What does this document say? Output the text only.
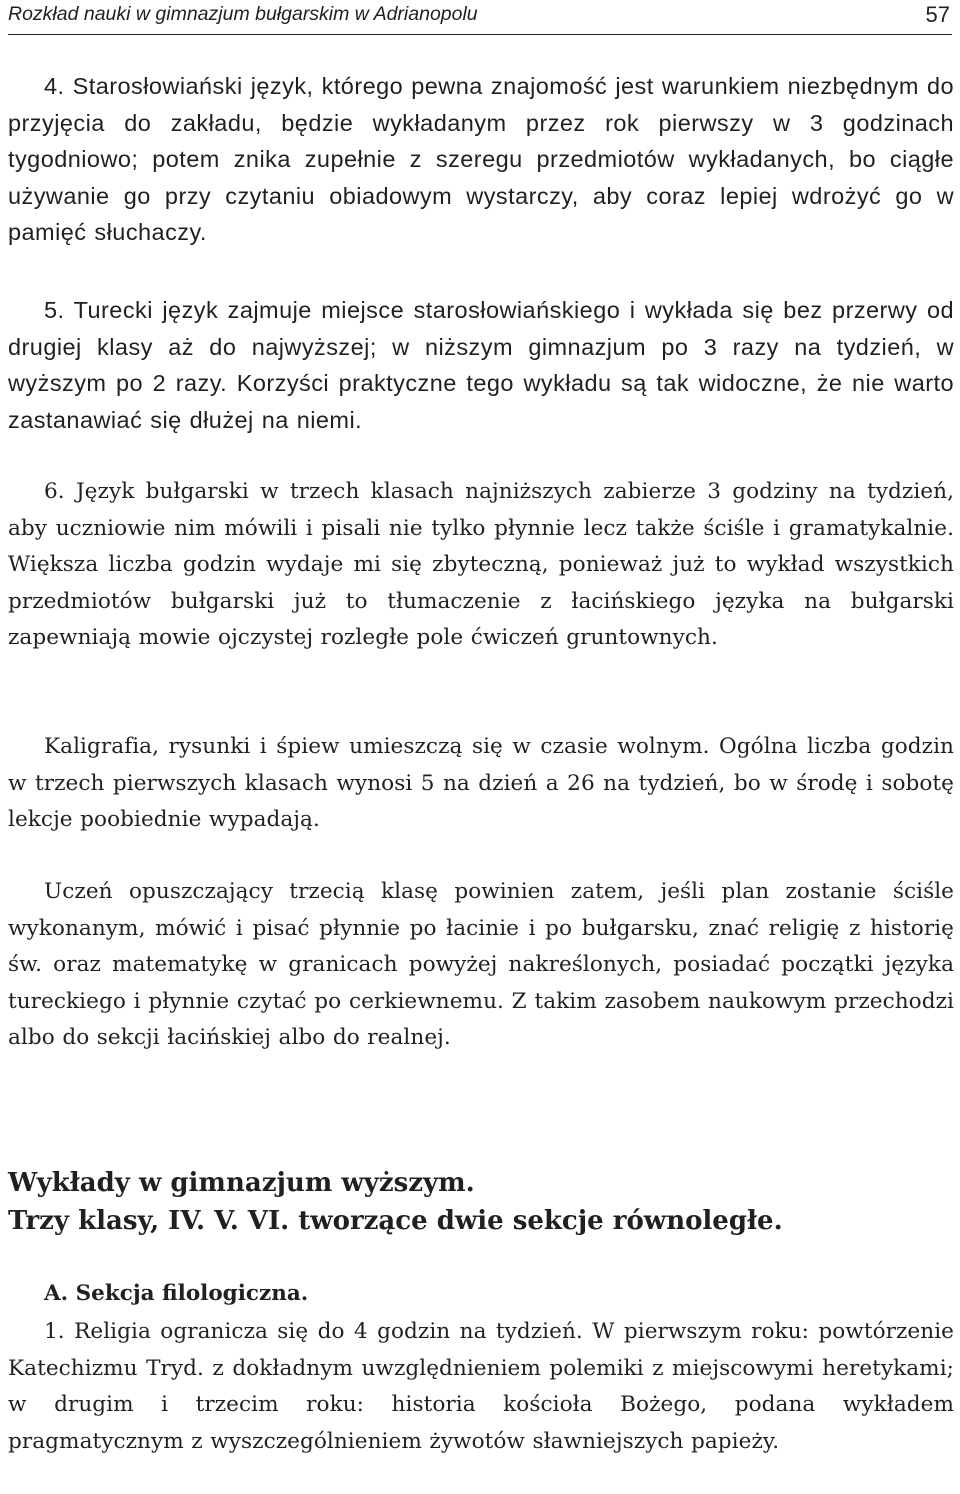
Rozkład nauki w gimnazjum bułgarskim w Adrianopolu	57

4. Starosłowiański język, którego pewna znajomość jest warunkiem niezbędnym do przyjęcia do zakładu, będzie wykładanym przez rok pierwszy w 3 godzinach tygodniowo; potem znika zupełnie z szeregu przedmiotów wykładanych, bo ciągłe używanie go przy czytaniu obiadowym wystarczy, aby coraz lepiej wdrożyć go w pamięć słuchaczy.

5. Turecki język zajmuje miejsce starosłowiańskiego i wykłada się bez przerwy od drugiej klasy aż do najwyższej; w niższym gimnazjum po 3 razy na tydzień, w wyższym po 2 razy. Korzyści praktyczne tego wykładu są tak widoczne, że nie warto zastanawiać się dłużej na niemi.

6. Język bułgarski w trzech klasach najniższych zabierze 3 godziny na tydzień, aby uczniowie nim mówili i pisali nie tylko płynnie lecz także ściśle i gramatykalnie. Większa liczba godzin wydaje mi się zbyteczną, ponieważ już to wykład wszystkich przedmiotów bułgarski już to tłumaczenie z łacińskiego języka na bułgarski zapewniają mowie ojczystej rozległe pole ćwiczeń gruntownych.

Kaligrafia, rysunki i śpiew umieszczą się w czasie wolnym. Ogólna liczba godzin w trzech pierwszych klasach wynosi 5 na dzień a 26 na tydzień, bo w środę i sobotę lekcje poobiednie wypadają.

Uczeń opuszczający trzecią klasę powinien zatem, jeśli plan zostanie ściśle wykonanym, mówić i pisać płynnie po łacinie i po bułgarsku, znać religię z historię św. oraz matematykę w granicach powyżej nakreślonych, posiadać początki języka tureckiego i płynnie czytać po cerkiewnemu. Z takim zasobem naukowym przechodzi albo do sekcji łacińskiej albo do realnej.

Wykłady w gimnazjum wyższym.
Trzy klasy, IV. V. VI. tworzące dwie sekcje równoległe.
A. Sekcja filologiczna.

1. Religia ogranicza się do 4 godzin na tydzień. W pierwszym roku: powtórzenie Katechizmu Tryd. z dokładnym uwzględnieniem polemiki z miejscowymi heretykami; w drugim i trzecim roku: historia kościoła Bożego, podana wykładem pragmatycznym z wyszczególnieniem żywotów sławniejszych papieży.
